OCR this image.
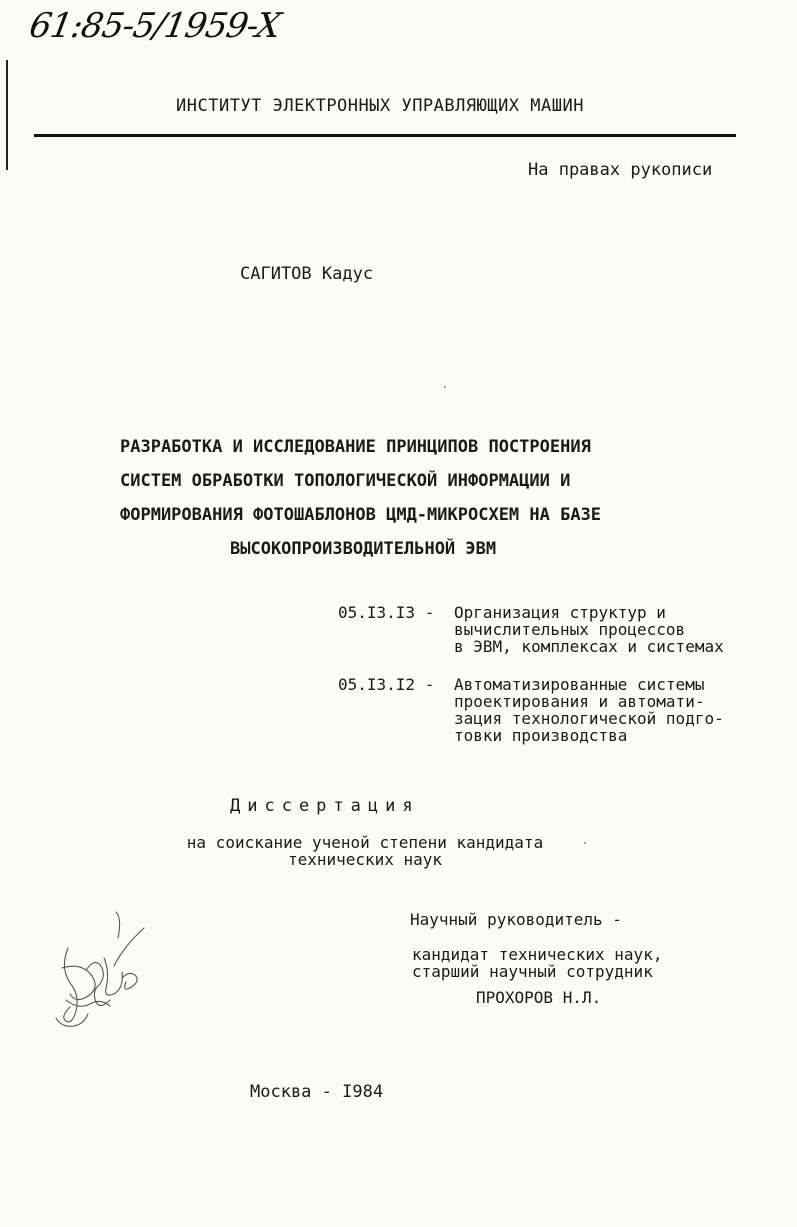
61:85-5/1959-X
ИНСТИТУТ ЭЛЕКТРОННЫХ УПРАВЛЯЮЩИХ МАШИН
На правах рукописи
САГИТОВ Кадус
РАЗРАБОТКА И ИССЛЕДОВАНИЕ ПРИНЦИПОВ ПОСТРОЕНИЯ
СИСТЕМ ОБРАБОТКИ ТОПОЛОГИЧЕСКОЙ ИНФОРМАЦИИ И
ФОРМИРОВАНИЯ ФОТОШАБЛОНОВ ЦМД-МИКРОСХЕМ НА БАЗЕ
ВЫСОКОПРОИЗВОДИТЕЛЬНОЙ ЭВМ
05.I3.I3 -	Организация структур и
вычислительных процессов
в ЭВМ, комплексах и системах
05.I3.I2 -	Автоматизированные системы
проектирования и автомати-
зация технологической подго-
товки производства
Диссертация
на соискание ученой степени кандидата
технических наук
Научный руководитель -
кандидат технических наук,
старший научный сотрудник
ПРОХОРОВ Н.Л.
Москва - I984
